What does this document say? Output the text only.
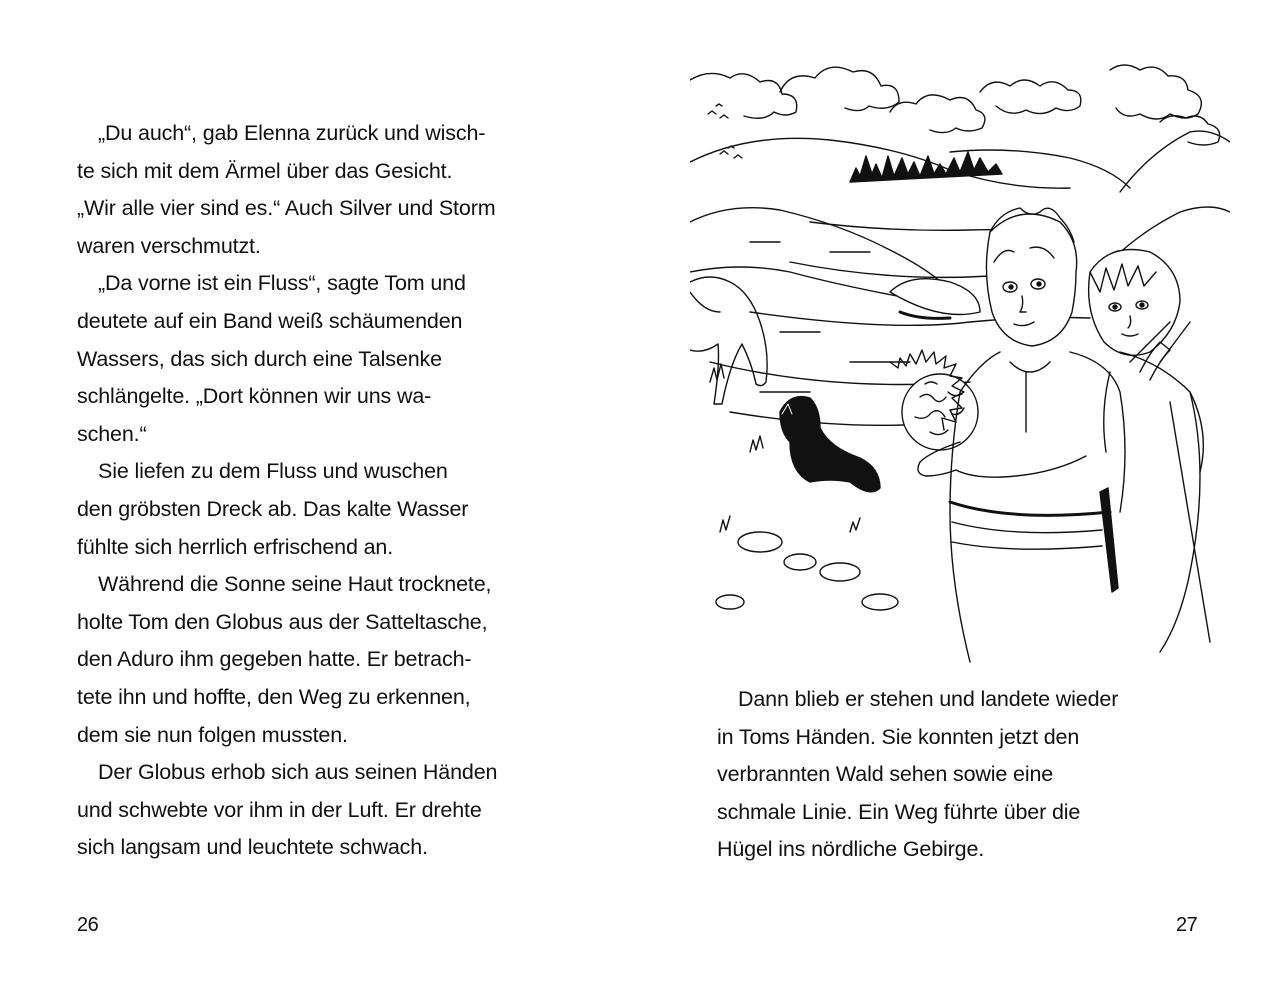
„Du auch“, gab Elenna zurück und wisch-
te sich mit dem Ärmel über das Gesicht.
„Wir alle vier sind es.“ Auch Silver und Storm
waren verschmutzt.
„Da vorne ist ein Fluss“, sagte Tom und
deutete auf ein Band weiß schäumenden
Wassers, das sich durch eine Talsenke
schlängelte. „Dort können wir uns wa-
schen.“
Sie liefen zu dem Fluss und wuschen
den gröbsten Dreck ab. Das kalte Wasser
fühlte sich herrlich erfrischend an.
Während die Sonne seine Haut trocknete,
holte Tom den Globus aus der Satteltasche,
den Aduro ihm gegeben hatte. Er betrach-
tete ihn und hoffte, den Weg zu erkennen,
dem sie nun folgen mussten.
Der Globus erhob sich aus seinen Händen
und schwebte vor ihm in der Luft. Er drehte
sich langsam und leuchtete schwach.
26
Dann blieb er stehen und landete wieder
in Toms Händen. Sie konnten jetzt den
verbrannten Wald sehen sowie eine
schmale Linie. Ein Weg führte über die
Hügel ins nördliche Gebirge.
27
